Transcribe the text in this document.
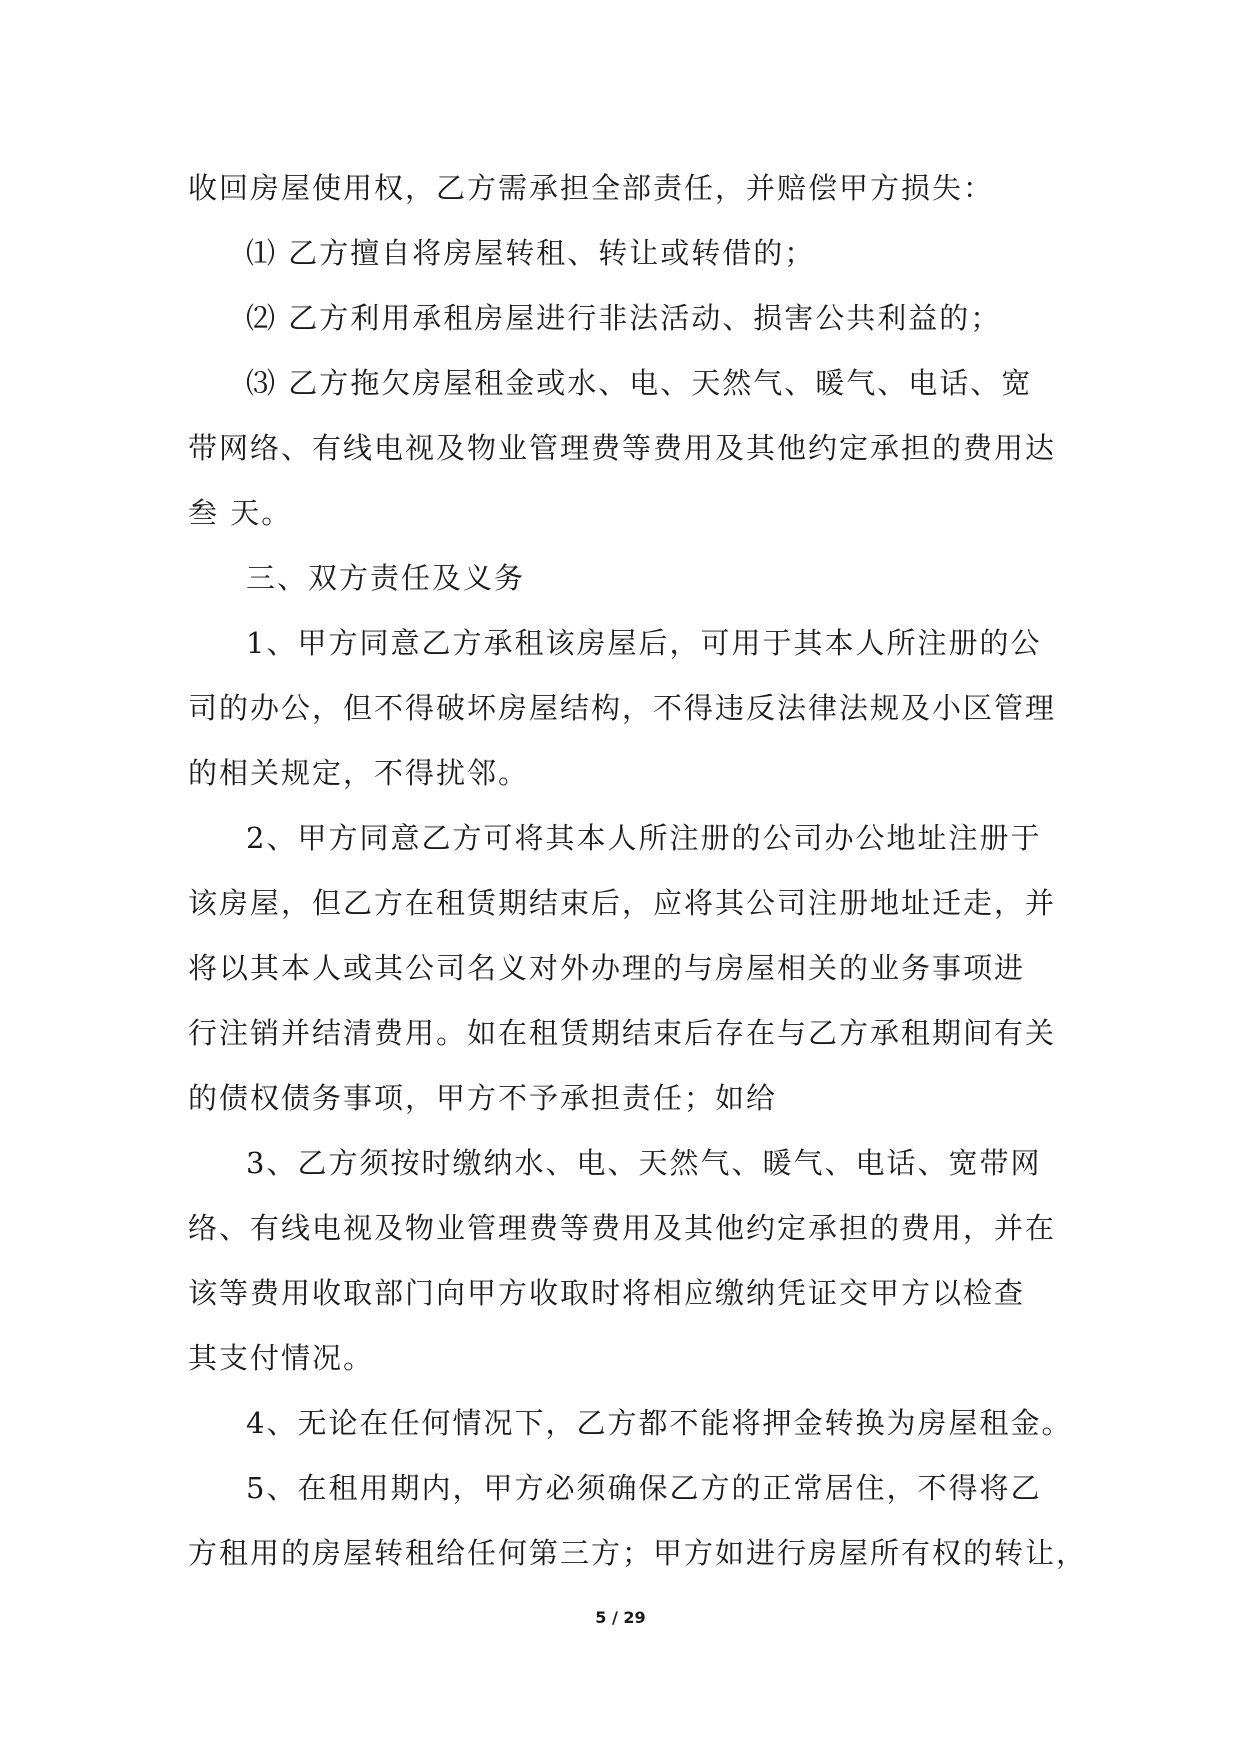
收回房屋使用权，乙方需承担全部责任，并赔偿甲方损失：
⑴ 乙方擅自将房屋转租、转让或转借的；
⑵ 乙方利用承租房屋进行非法活动、损害公共利益的；
⑶ 乙方拖欠房屋租金或水、电、天然气、暖气、电话、宽
带网络、有线电视及物业管理费等费用及其他约定承担的费用达
叁 天。
三、双方责任及义务
1、甲方同意乙方承租该房屋后，可用于其本人所注册的公
司的办公，但不得破坏房屋结构，不得违反法律法规及小区管理
的相关规定，不得扰邻。
2、甲方同意乙方可将其本人所注册的公司办公地址注册于
该房屋，但乙方在租赁期结束后，应将其公司注册地址迁走，并
将以其本人或其公司名义对外办理的与房屋相关的业务事项进
行注销并结清费用。如在租赁期结束后存在与乙方承租期间有关
的债权债务事项，甲方不予承担责任；如给
3、乙方须按时缴纳水、电、天然气、暖气、电话、宽带网
络、有线电视及物业管理费等费用及其他约定承担的费用，并在
该等费用收取部门向甲方收取时将相应缴纳凭证交甲方以检查
其支付情况。
4、无论在任何情况下，乙方都不能将押金转换为房屋租金。
5、在租用期内，甲方必须确保乙方的正常居住，不得将乙
方租用的房屋转租给任何第三方；甲方如进行房屋所有权的转让，
5 / 29
